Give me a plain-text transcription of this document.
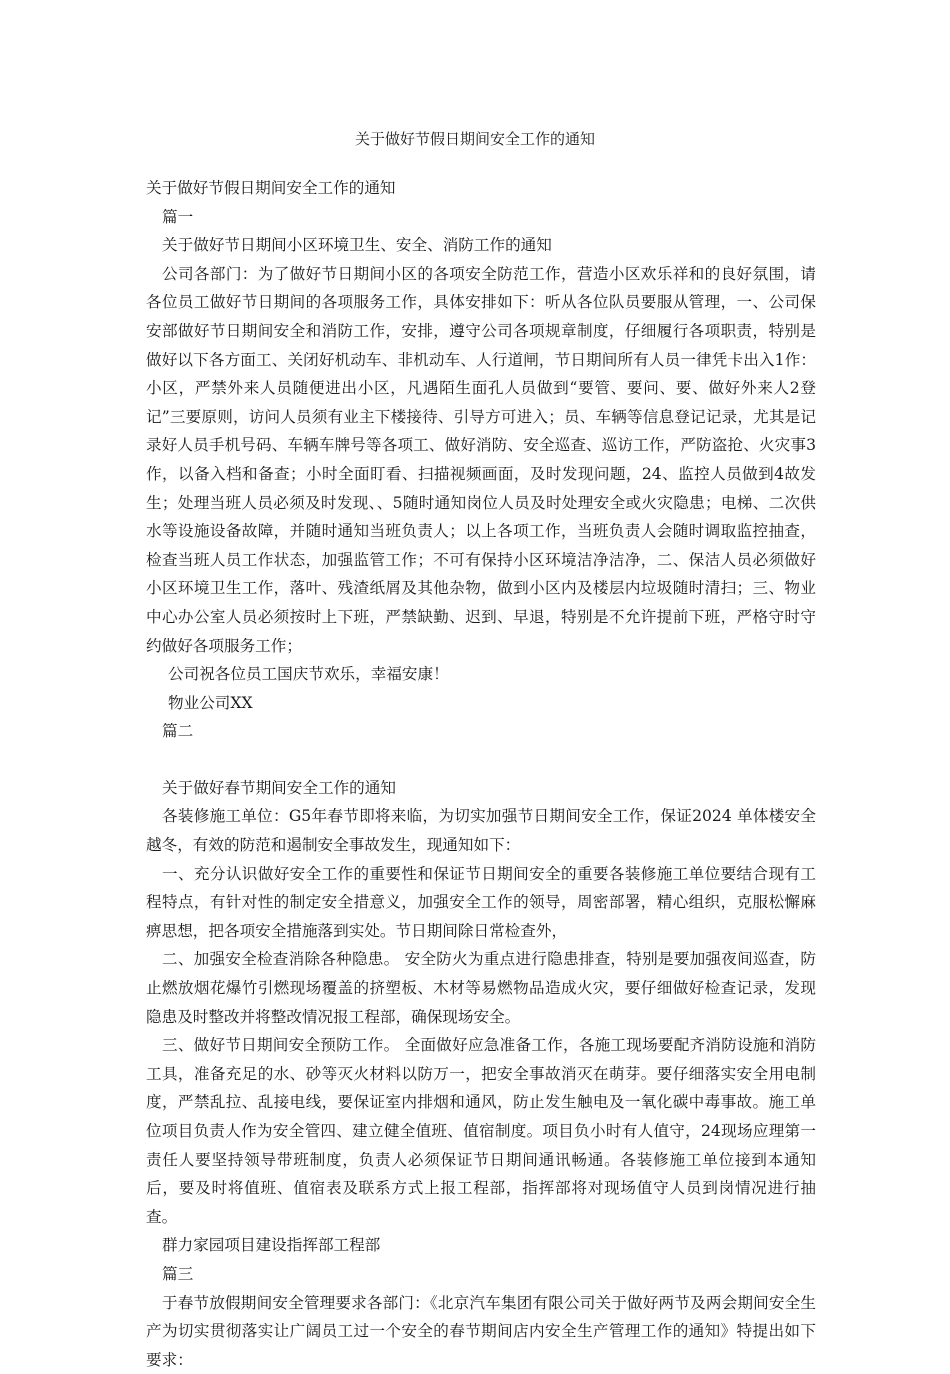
关于做好节假日期间安全工作的通知

关于做好节假日期间安全工作的通知

篇一

关于做好节日期间小区环境卫生、安全、消防工作的通知

公司各部门：为了做好节日期间小区的各项安全防范工作，营造小区欢乐祥和的良好氛围，请各位员工做好节日期间的各项服务工作，具体安排如下：听从各位队员要服从管理，一、公司保安部做好节日期间安全和消防工作，安排，遵守公司各项规章制度，仔细履行各项职责，特别是做好以下各方面工、关闭好机动车、非机动车、人行道闸，节日期间所有人员一律凭卡出入1作：小区，严禁外来人员随便进出小区，凡遇陌生面孔人员做到“要管、要问、要、做好外来人2登记”三要原则，访问人员须有业主下楼接待、引导方可进入；员、车辆等信息登记记录，尤其是记录好人员手机号码、车辆车牌号等各项工、做好消防、安全巡查、巡访工作，严防盗抢、火灾事3作，以备入档和备查；小时全面盯看、扫描视频画面，及时发现问题，24、监控人员做到4故发生；处理当班人员必须及时发现、、5随时通知岗位人员及时处理安全或火灾隐患；电梯、二次供水等设施设备故障，并随时通知当班负责人；以上各项工作，当班负责人会随时调取监控抽查，检查当班人员工作状态，加强监管工作；不可有保持小区环境洁净洁净，二、保洁人员必须做好小区环境卫生工作，落叶、残渣纸屑及其他杂物，做到小区内及楼层内垃圾随时清扫；三、物业中心办公室人员必须按时上下班，严禁缺勤、迟到、早退，特别是不允许提前下班，严格守时守约做好各项服务工作；

公司祝各位员工国庆节欢乐，幸福安康！

物业公司XX

篇二

关于做好春节期间安全工作的通知

各装修施工单位：G5年春节即将来临，为切实加强节日期间安全工作，保证2024 单体楼安全越冬，有效的防范和遏制安全事故发生，现通知如下：

一、充分认识做好安全工作的重要性和保证节日期间安全的重要各装修施工单位要结合现有工程特点，有针对性的制定安全措意义，加强安全工作的领导，周密部署，精心组织，克服松懈麻痹思想，把各项安全措施落到实处。节日期间除日常检查外，

二、加强安全检查消除各种隐患。 安全防火为重点进行隐患排查，特别是要加强夜间巡查，防止燃放烟花爆竹引燃现场覆盖的挤塑板、木材等易燃物品造成火灾，要仔细做好检查记录，发现隐患及时整改并将整改情况报工程部，确保现场安全。

三、做好节日期间安全预防工作。 全面做好应急准备工作，各施工现场要配齐消防设施和消防工具，准备充足的水、砂等灭火材料以防万一，把安全事故消灭在萌芽。要仔细落实安全用电制度，严禁乱拉、乱接电线，要保证室内排烟和通风，防止发生触电及一氧化碳中毒事故。施工单位项目负责人作为安全管四、建立健全值班、值宿制度。项目负小时有人值守，24现场应理第一责任人要坚持领导带班制度，负责人必须保证节日期间通讯畅通。各装修施工单位接到本通知后，要及时将值班、值宿表及联系方式上报工程部，指挥部将对现场值守人员到岗情况进行抽查。

群力家园项目建设指挥部工程部

篇三

于春节放假期间安全管理要求各部门：《北京汽车集团有限公司关于做好两节及两会期间安全生产为切实贯彻落实让广阔员工过一个安全的春节期间店内安全生产管理工作的通知》特提出如下要求：
